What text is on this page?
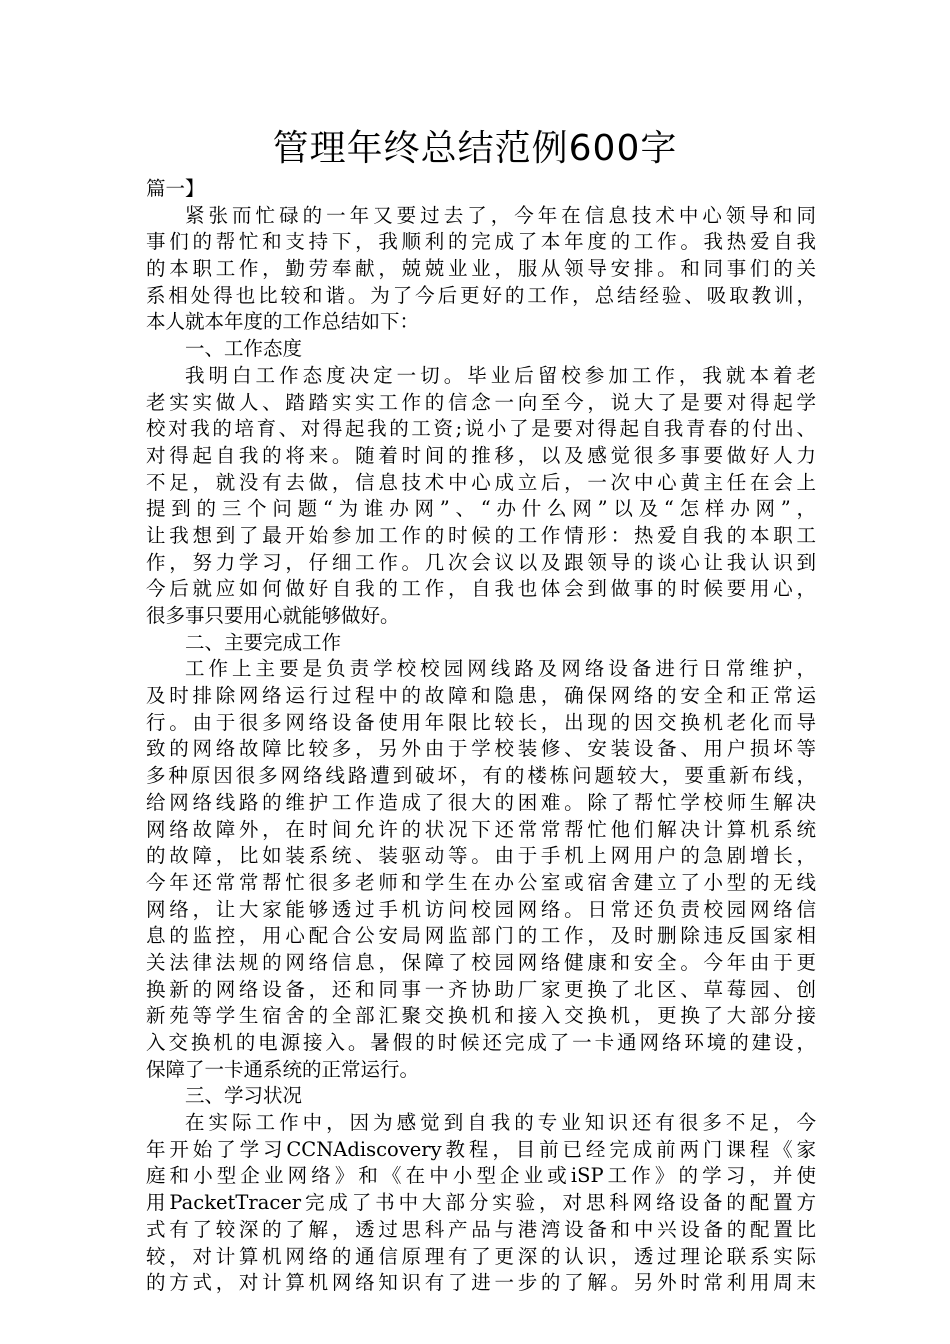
管理年终总结范例600字
篇一】
紧张而忙碌的一年又要过去了，今年在信息技术中心领导和同
事们的帮忙和支持下，我顺利的完成了本年度的工作。我热爱自我
的本职工作，勤劳奉献，兢兢业业，服从领导安排。和同事们的关
系相处得也比较和谐。为了今后更好的工作，总结经验、吸取教训，
本人就本年度的工作总结如下：
一、工作态度
我明白工作态度决定一切。毕业后留校参加工作，我就本着老
老实实做人、踏踏实实工作的信念一向至今，说大了是要对得起学
校对我的培育、对得起我的工资;说小了是要对得起自我青春的付出、
对得起自我的将来。随着时间的推移，以及感觉很多事要做好人力
不足，就没有去做，信息技术中心成立后，一次中心黄主任在会上
提到的三个问题“为谁办网”、“办什么网”以及“怎样办网”，
让我想到了最开始参加工作的时候的工作情形：热爱自我的本职工
作，努力学习，仔细工作。几次会议以及跟领导的谈心让我认识到
今后就应如何做好自我的工作，自我也体会到做事的时候要用心，
很多事只要用心就能够做好。
二、主要完成工作
工作上主要是负责学校校园网线路及网络设备进行日常维护，
及时排除网络运行过程中的故障和隐患，确保网络的安全和正常运
行。由于很多网络设备使用年限比较长，出现的因交换机老化而导
致的网络故障比较多，另外由于学校装修、安装设备、用户损坏等
多种原因很多网络线路遭到破坏，有的楼栋问题较大，要重新布线，
给网络线路的维护工作造成了很大的困难。除了帮忙学校师生解决
网络故障外，在时间允许的状况下还常常帮忙他们解决计算机系统
的故障，比如装系统、装驱动等。由于手机上网用户的急剧增长，
今年还常常帮忙很多老师和学生在办公室或宿舍建立了小型的无线
网络，让大家能够透过手机访问校园网络。日常还负责校园网络信
息的监控，用心配合公安局网监部门的工作，及时删除违反国家相
关法律法规的网络信息，保障了校园网络健康和安全。今年由于更
换新的网络设备，还和同事一齐协助厂家更换了北区、草莓园、创
新苑等学生宿舍的全部汇聚交换机和接入交换机，更换了大部分接
入交换机的电源接入。暑假的时候还完成了一卡通网络环境的建设，
保障了一卡通系统的正常运行。
三、学习状况
在实际工作中，因为感觉到自我的专业知识还有很多不足，今
年开始了学习CCNAdiscovery教程，目前已经完成前两门课程《家
庭和小型企业网络》和《在中小型企业或iSP工作》的学习，并使
用PacketTracer完成了书中大部分实验，对思科网络设备的配置方
式有了较深的了解，透过思科产品与港湾设备和中兴设备的配置比
较，对计算机网络的通信原理有了更深的认识，透过理论联系实际
的方式，对计算机网络知识有了进一步的了解。另外时常利用周末
